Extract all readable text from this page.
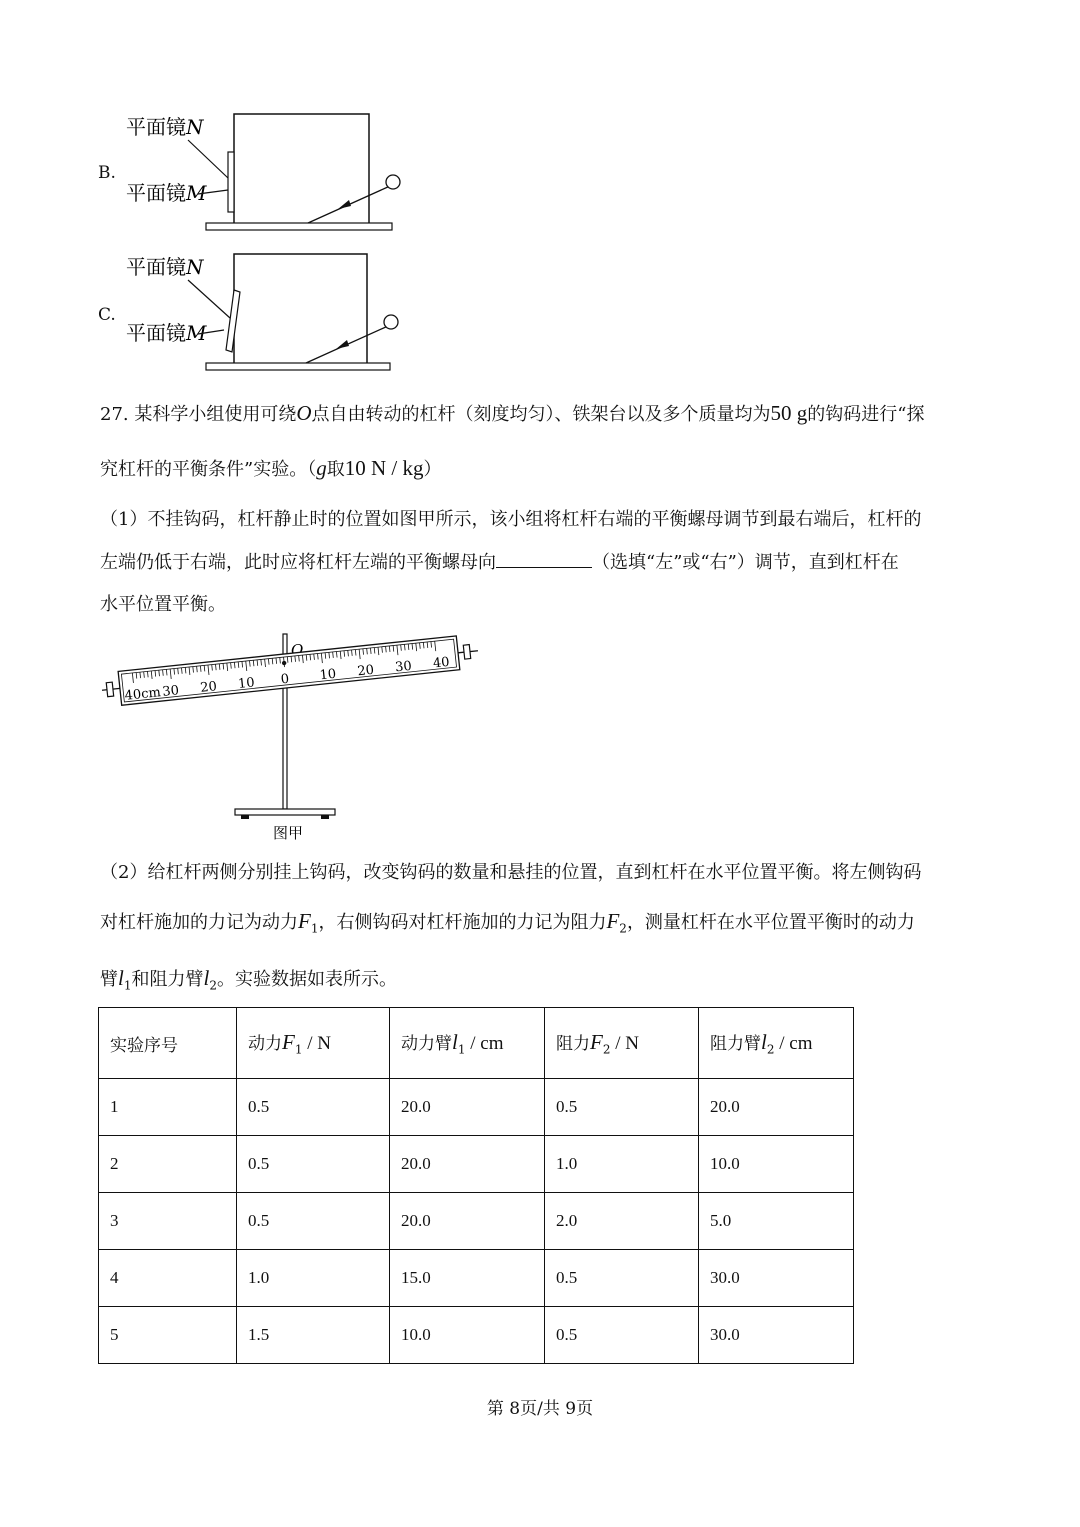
B.
平面镜N
平面镜M
C.
平面镜N
平面镜M
27. 某科学小组使用可绕O点自由转动的杠杆（刻度均匀）、铁架台以及多个质量均为50 g的钩码进行“探
究杠杆的平衡条件”实验。（g取10 N / kg）
（1）不挂钩码，杠杆静止时的位置如图甲所示，该小组将杠杆右端的平衡螺母调节到最右端后，杠杆的
左端仍低于右端，此时应将杠杆左端的平衡螺母向	（选填“左”或“右”）调节，直到杠杆在
水平位置平衡。
O
40cm 30 20 10 0 10 20 30 40
图甲
（2）给杠杆两侧分别挂上钩码，改变钩码的数量和悬挂的位置，直到杠杆在水平位置平衡。将左侧钩码
对杠杆施加的力记为动力$F_1$，右侧钩码对杠杆施加的力记为阻力$F_2$，测量杠杆在水平位置平衡时的动力
臂$l_1$和阻力臂$l_2$。实验数据如表所示。
实验序号	动力$F_1$ / N	动力臂$l_1$ / cm	阻力$F_2$ / N	阻力臂$l_2$ / cm
1	0.5	20.0	0.5	20.0
2	0.5	20.0	1.0	10.0
3	0.5	20.0	2.0	5.0
4	1.0	15.0	0.5	30.0
5	1.5	10.0	0.5	30.0
第 8页/共 9页
